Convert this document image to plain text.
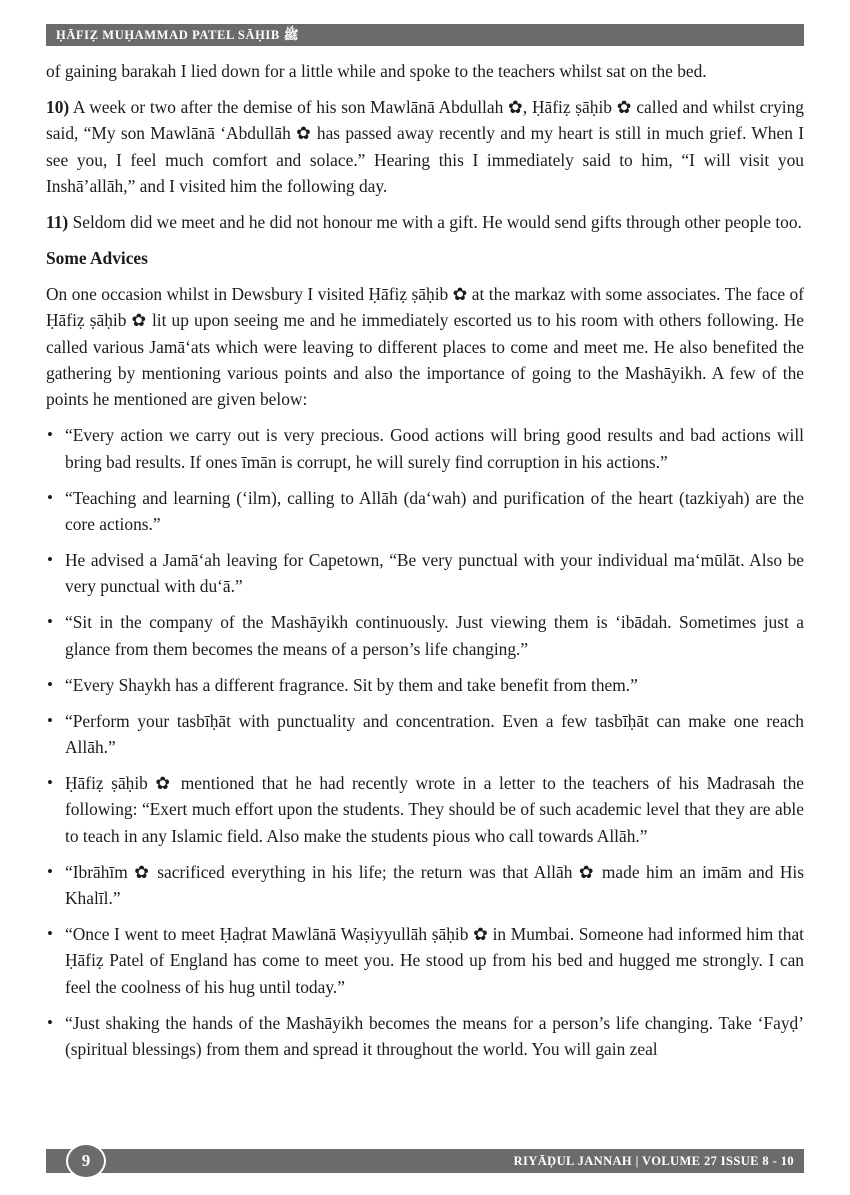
ḤĀFIẒ MUḤAMMAD PATEL SĀḤIB ﷺ

of gaining barakah I lied down for a little while and spoke to the teachers whilst sat on the bed.

10) A week or two after the demise of his son Mawlānā Abdullah ✿, Ḥāfiẓ ṣāḥib ✿ called and whilst crying said, “My son Mawlānā ‘Abdullāh ✿ has passed away recently and my heart is still in much grief. When I see you, I feel much comfort and solace.” Hearing this I immediately said to him, “I will visit you Inshā’allāh,” and I visited him the following day.

11) Seldom did we meet and he did not honour me with a gift. He would send gifts through other people too.

Some Advices

On one occasion whilst in Dewsbury I visited Ḥāfiẓ ṣāḥib ✿ at the markaz with some associates. The face of Ḥāfiẓ ṣāḥib ✿ lit up upon seeing me and he immediately escorted us to his room with others following. He called various Jamā‘ats which were leaving to different places to come and meet me. He also benefited the gathering by mentioning various points and also the importance of going to the Mashāyikh. A few of the points he mentioned are given below:

• “Every action we carry out is very precious. Good actions will bring good results and bad actions will bring bad results. If ones īmān is corrupt, he will surely find corruption in his actions.”
• “Teaching and learning (‘ilm), calling to Allāh (da‘wah) and purification of the heart (tazkiyah) are the core actions.”
• He advised a Jamā‘ah leaving for Capetown, “Be very punctual with your individual ma‘mūlāt. Also be very punctual with du‘ā.”
• “Sit in the company of the Mashāyikh continuously. Just viewing them is ‘ibādah. Sometimes just a glance from them becomes the means of a person’s life changing.”
• “Every Shaykh has a different fragrance. Sit by them and take benefit from them.”
• “Perform your tasbīḥāt with punctuality and concentration. Even a few tasbīḥāt can make one reach Allāh.”
• Ḥāfiẓ ṣāḥib ✿ mentioned that he had recently wrote in a letter to the teachers of his Madrasah the following: “Exert much effort upon the students. They should be of such academic level that they are able to teach in any Islamic field. Also make the students pious who call towards Allāh.”
• “Ibrāhīm ✿ sacrificed everything in his life; the return was that Allāh ✿ made him an imām and His Khalīl.”
• “Once I went to meet Ḥaḍrat Mawlānā Waṣiyyullāh ṣāḥib ✿ in Mumbai. Someone had informed him that Ḥāfiẓ Patel of England has come to meet you. He stood up from his bed and hugged me strongly. I can feel the coolness of his hug until today.”
• “Just shaking the hands of the Mashāyikh becomes the means for a person’s life changing. Take ‘Fayḍ’ (spiritual blessings) from them and spread it throughout the world. You will gain zeal
9	RIYĀḌUL JANNAH | VOLUME 27 ISSUE 8 - 10
